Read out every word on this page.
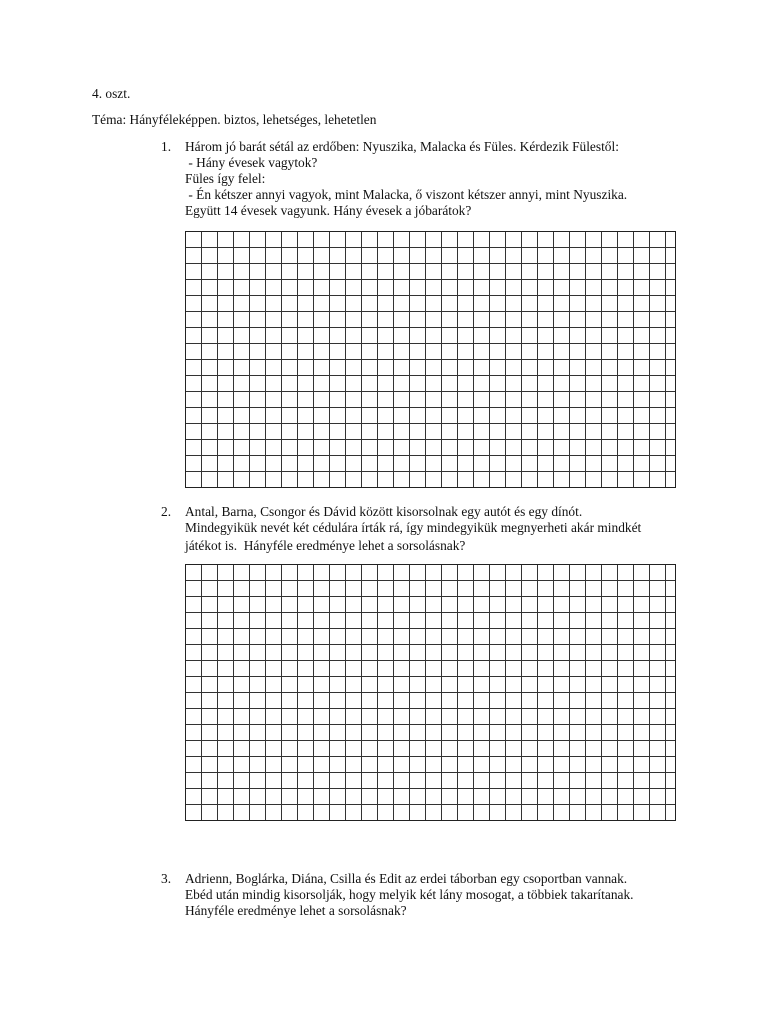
4. oszt.
Téma: Hányféleképpen. biztos, lehetséges, lehetetlen
1. Három jó barát sétál az erdőben: Nyuszika, Malacka és Füles. Kérdezik Fülestől:
- Hány évesek vagytok?
Füles így felel:
- Én kétszer annyi vagyok, mint Malacka, ő viszont kétszer annyi, mint Nyuszika.
Együtt 14 évesek vagyunk. Hány évesek a jóbarátok?
2. Antal, Barna, Csongor és Dávid között kisorsolnak egy autót és egy dínót.
Mindegyikük nevét két cédulára írták rá, így mindegyikük megnyerheti akár mindkét
játékot is.  Hányféle eredménye lehet a sorsolásnak?
3. Adrienn, Boglárka, Diána, Csilla és Edit az erdei táborban egy csoportban vannak.
Ebéd után mindig kisorsolják, hogy melyik két lány mosogat, a többiek takarítanak.
Hányféle eredménye lehet a sorsolásnak?
